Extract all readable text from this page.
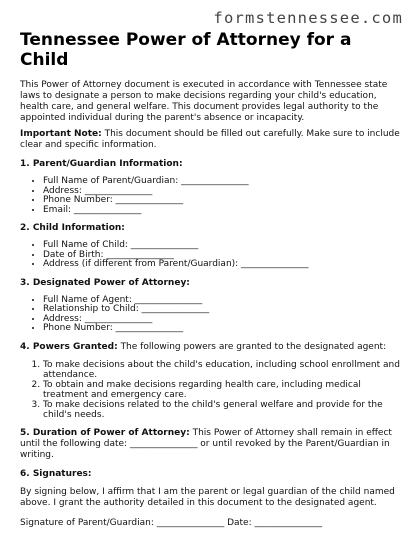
formstennessee.com
Tennessee Power of Attorney for a Child

This Power of Attorney document is executed in accordance with Tennessee state laws to designate a person to make decisions regarding your child's education, health care, and general welfare. This document provides legal authority to the appointed individual during the parent's absence or incapacity.

Important Note: This document should be filled out carefully. Make sure to include clear and specific information.

1. Parent/Guardian Information:

• Full Name of Parent/Guardian: _______________
• Address: _______________
• Phone Number: _______________
• Email: _______________

2. Child Information:

• Full Name of Child: _______________
• Date of Birth: _______________
• Address (if different from Parent/Guardian): _______________

3. Designated Power of Attorney:

• Full Name of Agent: _______________
• Relationship to Child: _______________
• Address: _______________
• Phone Number: _______________

4. Powers Granted: The following powers are granted to the designated agent:

1. To make decisions about the child's education, including school enrollment and attendance.
2. To obtain and make decisions regarding health care, including medical treatment and emergency care.
3. To make decisions related to the child's general welfare and provide for the child's needs.

5. Duration of Power of Attorney: This Power of Attorney shall remain in effect until the following date: _______________ or until revoked by the Parent/Guardian in writing.

6. Signatures:

By signing below, I affirm that I am the parent or legal guardian of the child named above. I grant the authority detailed in this document to the designated agent.

Signature of Parent/Guardian: _______________ Date: _______________
